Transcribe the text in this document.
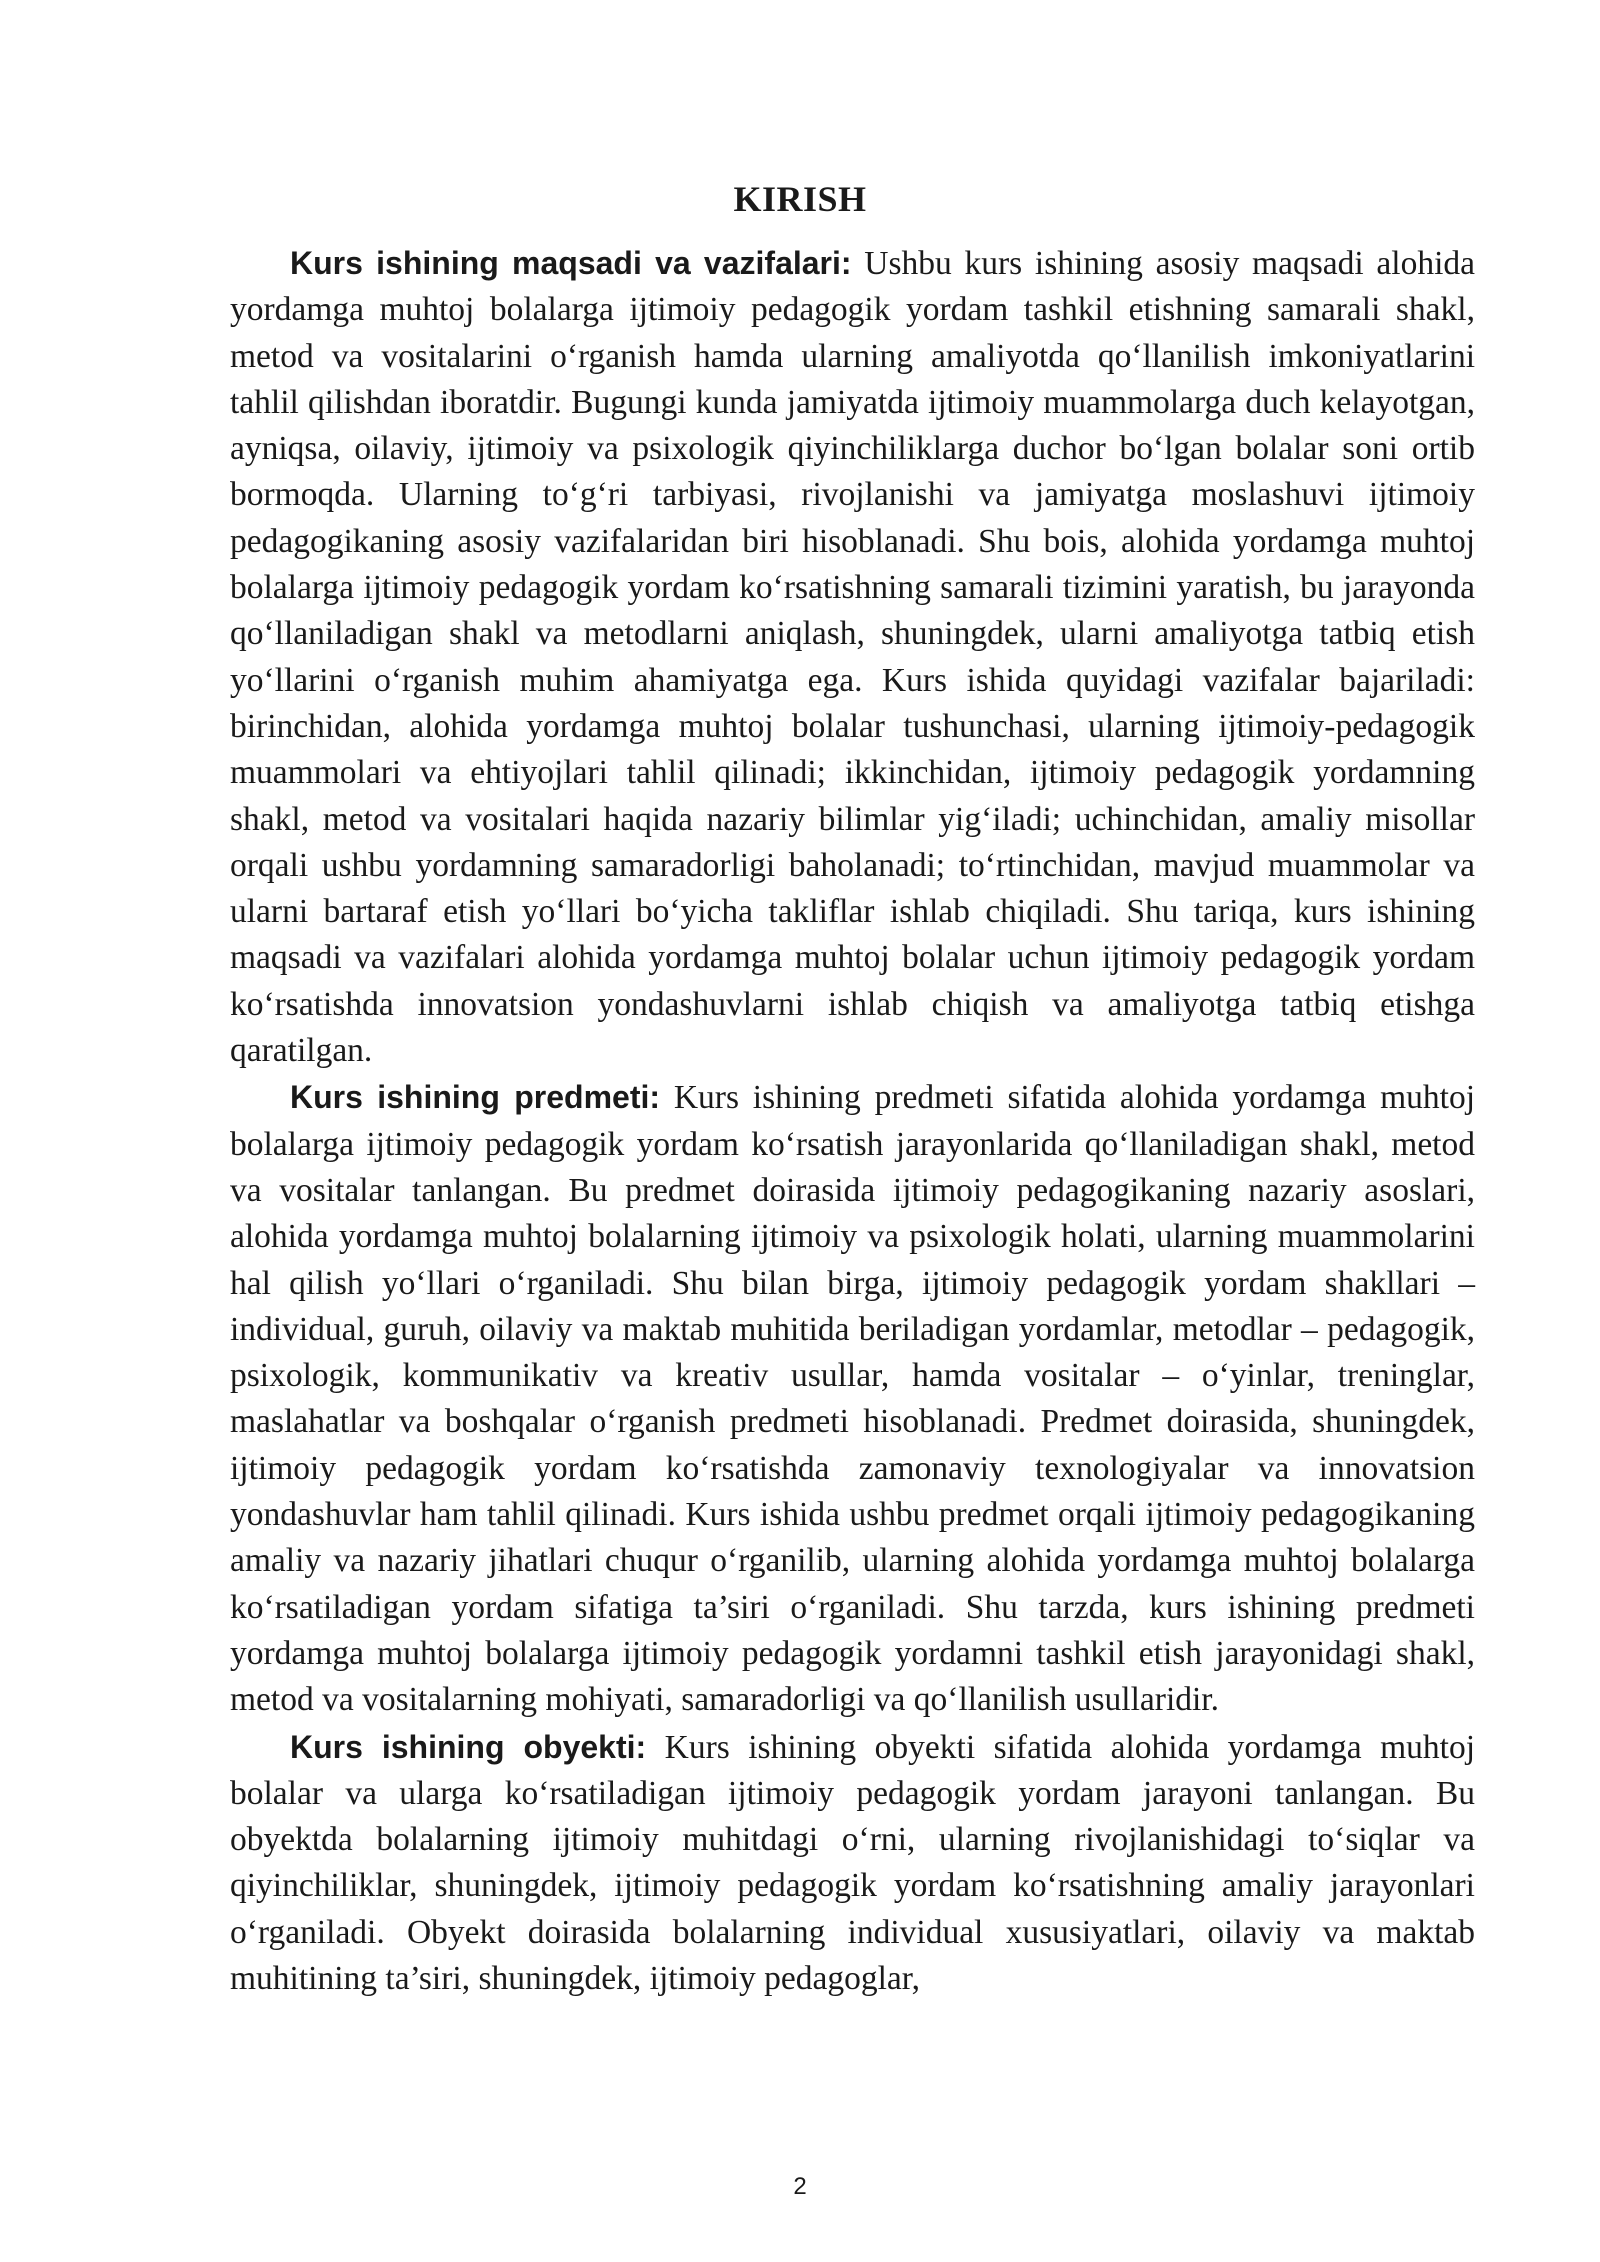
KIRISH

Kurs ishining maqsadi va vazifalari: Ushbu kurs ishining asosiy maqsadi alohida yordamga muhtoj bolalarga ijtimoiy pedagogik yordam tashkil etishning samarali shakl, metod va vositalarini o‘rganish hamda ularning amaliyotda qo‘llanilish imkoniyatlarini tahlil qilishdan iboratdir. Bugungi kunda jamiyatda ijtimoiy muammolarga duch kelayotgan, ayniqsa, oilaviy, ijtimoiy va psixologik qiyinchiliklarga duchor bo‘lgan bolalar soni ortib bormoqda. Ularning to‘g‘ri tarbiyasi, rivojlanishi va jamiyatga moslashuvi ijtimoiy pedagogikaning asosiy vazifalaridan biri hisoblanadi. Shu bois, alohida yordamga muhtoj bolalarga ijtimoiy pedagogik yordam ko‘rsatishning samarali tizimini yaratish, bu jarayonda qo‘llaniladigan shakl va metodlarni aniqlash, shuningdek, ularni amaliyotga tatbiq etish yo‘llarini o‘rganish muhim ahamiyatga ega. Kurs ishida quyidagi vazifalar bajariladi: birinchidan, alohida yordamga muhtoj bolalar tushunchasi, ularning ijtimoiy-pedagogik muammolari va ehtiyojlari tahlil qilinadi; ikkinchidan, ijtimoiy pedagogik yordamning shakl, metod va vositalari haqida nazariy bilimlar yig‘iladi; uchinchidan, amaliy misollar orqali ushbu yordamning samaradorligi baholanadi; to‘rtinchidan, mavjud muammolar va ularni bartaraf etish yo‘llari bo‘yicha takliflar ishlab chiqiladi. Shu tariqa, kurs ishining maqsadi va vazifalari alohida yordamga muhtoj bolalar uchun ijtimoiy pedagogik yordam ko‘rsatishda innovatsion yondashuvlarni ishlab chiqish va amaliyotga tatbiq etishga qaratilgan.

Kurs ishining predmeti: Kurs ishining predmeti sifatida alohida yordamga muhtoj bolalarga ijtimoiy pedagogik yordam ko‘rsatish jarayonlarida qo‘llaniladigan shakl, metod va vositalar tanlangan. Bu predmet doirasida ijtimoiy pedagogikaning nazariy asoslari, alohida yordamga muhtoj bolalarning ijtimoiy va psixologik holati, ularning muammolarini hal qilish yo‘llari o‘rganiladi. Shu bilan birga, ijtimoiy pedagogik yordam shakllari – individual, guruh, oilaviy va maktab muhitida beriladigan yordamlar, metodlar – pedagogik, psixologik, kommunikativ va kreativ usullar, hamda vositalar – o‘yinlar, treninglar, maslahatlar va boshqalar o‘rganish predmeti hisoblanadi. Predmet doirasida, shuningdek, ijtimoiy pedagogik yordam ko‘rsatishda zamonaviy texnologiyalar va innovatsion yondashuvlar ham tahlil qilinadi. Kurs ishida ushbu predmet orqali ijtimoiy pedagogikaning amaliy va nazariy jihatlari chuqur o‘rganilib, ularning alohida yordamga muhtoj bolalarga ko‘rsatiladigan yordam sifatiga ta’siri o‘rganiladi. Shu tarzda, kurs ishining predmeti yordamga muhtoj bolalarga ijtimoiy pedagogik yordamni tashkil etish jarayonidagi shakl, metod va vositalarning mohiyati, samaradorligi va qo‘llanilish usullaridir.

Kurs ishining obyekti: Kurs ishining obyekti sifatida alohida yordamga muhtoj bolalar va ularga ko‘rsatiladigan ijtimoiy pedagogik yordam jarayoni tanlangan. Bu obyektda bolalarning ijtimoiy muhitdagi o‘rni, ularning rivojlanishidagi to‘siqlar va qiyinchiliklar, shuningdek, ijtimoiy pedagogik yordam ko‘rsatishning amaliy jarayonlari o‘rganiladi. Obyekt doirasida bolalarning individual xususiyatlari, oilaviy va maktab muhitining ta’siri, shuningdek, ijtimoiy pedagoglar,

2
